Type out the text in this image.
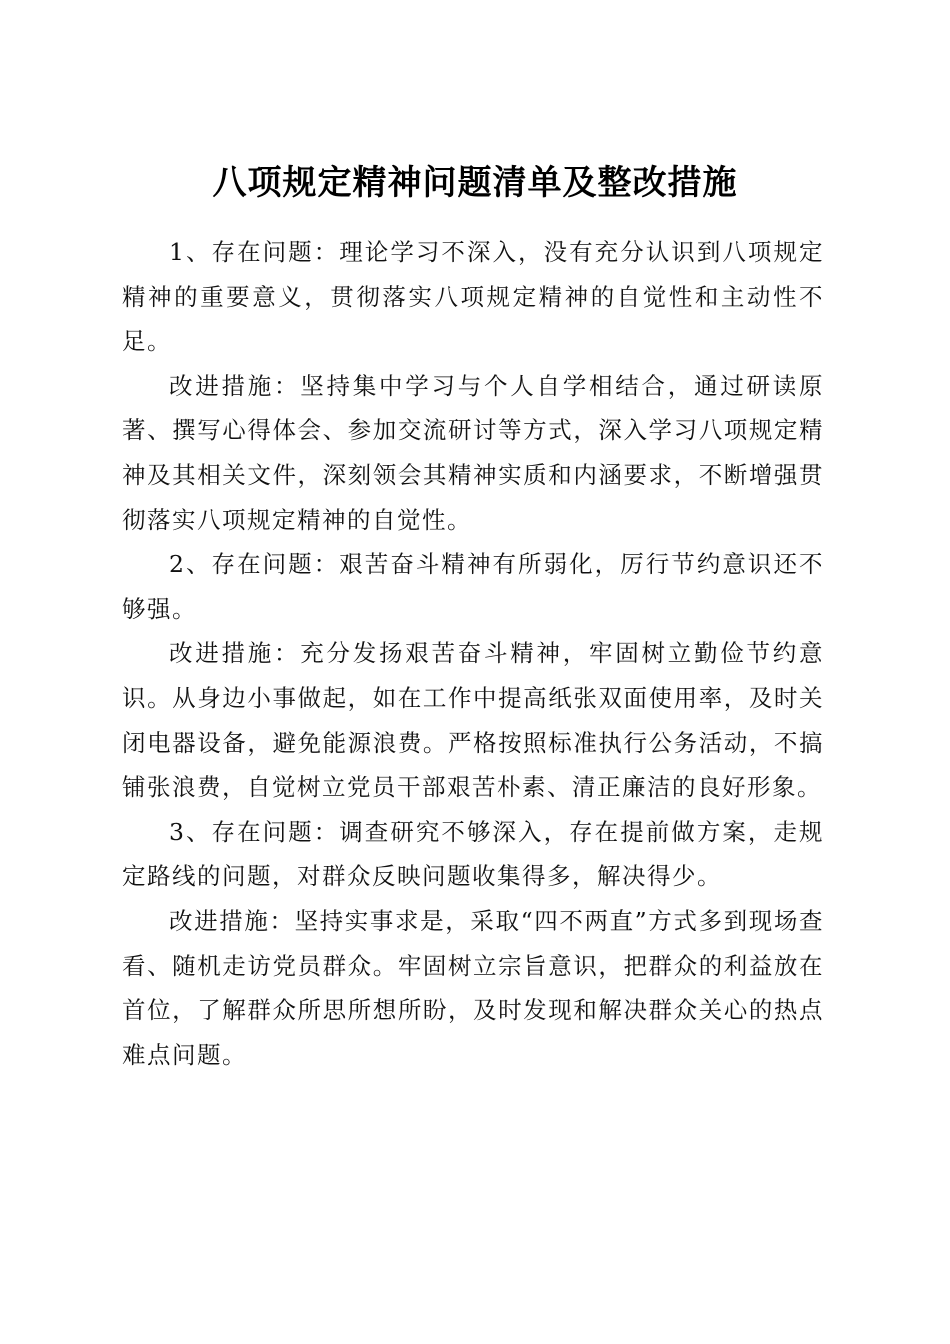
八项规定精神问题清单及整改措施

1、存在问题：理论学习不深入，没有充分认识到八项规定精神的重要意义，贯彻落实八项规定精神的自觉性和主动性不足。

改进措施：坚持集中学习与个人自学相结合，通过研读原著、撰写心得体会、参加交流研讨等方式，深入学习八项规定精神及其相关文件，深刻领会其精神实质和内涵要求，不断增强贯彻落实八项规定精神的自觉性。

2、存在问题：艰苦奋斗精神有所弱化，厉行节约意识还不够强。

改进措施：充分发扬艰苦奋斗精神，牢固树立勤俭节约意识。从身边小事做起，如在工作中提高纸张双面使用率，及时关闭电器设备，避免能源浪费。严格按照标准执行公务活动，不搞铺张浪费，自觉树立党员干部艰苦朴素、清正廉洁的良好形象。

3、存在问题：调查研究不够深入，存在提前做方案，走规定路线的问题，对群众反映问题收集得多，解决得少。

改进措施：坚持实事求是，采取“四不两直”方式多到现场查看、随机走访党员群众。牢固树立宗旨意识，把群众的利益放在首位，了解群众所思所想所盼，及时发现和解决群众关心的热点难点问题。
